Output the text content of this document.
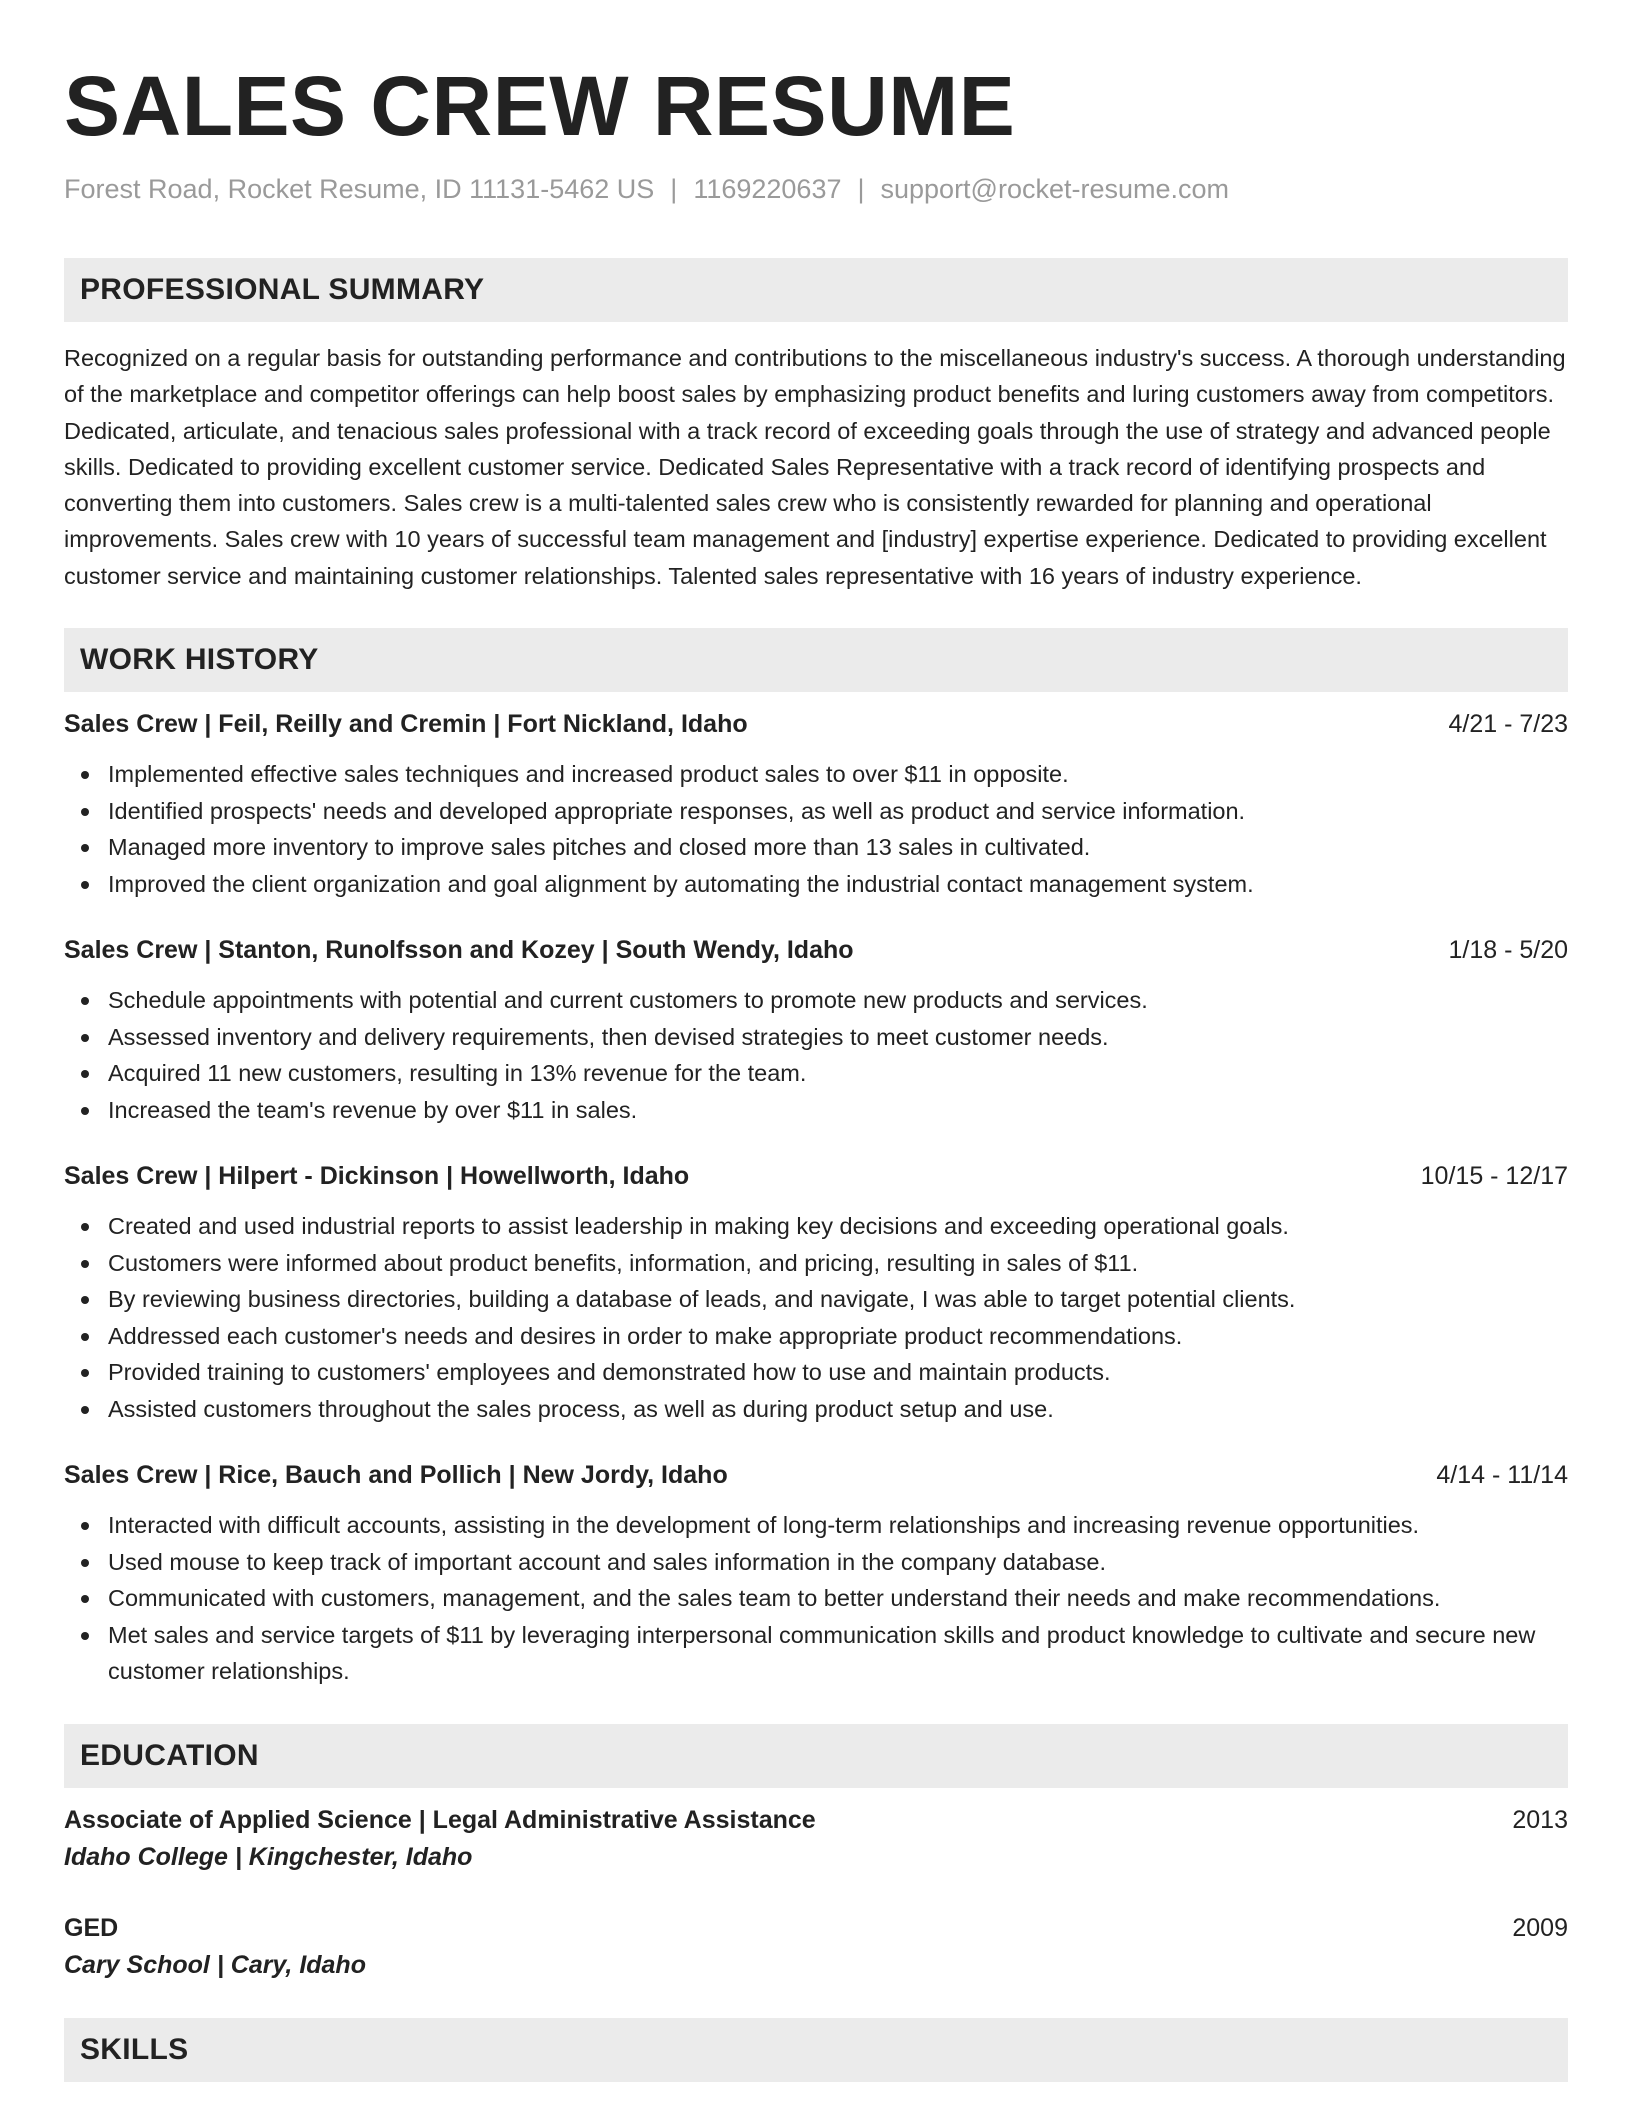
SALES CREW RESUME
Forest Road, Rocket Resume, ID 11131-5462 US | 1169220637 | support@rocket-resume.com
PROFESSIONAL SUMMARY
Recognized on a regular basis for outstanding performance and contributions to the miscellaneous industry's success. A thorough understanding of the marketplace and competitor offerings can help boost sales by emphasizing product benefits and luring customers away from competitors. Dedicated, articulate, and tenacious sales professional with a track record of exceeding goals through the use of strategy and advanced people skills. Dedicated to providing excellent customer service. Dedicated Sales Representative with a track record of identifying prospects and converting them into customers. Sales crew is a multi-talented sales crew who is consistently rewarded for planning and operational improvements. Sales crew with 10 years of successful team management and [industry] expertise experience. Dedicated to providing excellent customer service and maintaining customer relationships. Talented sales representative with 16 years of industry experience.
WORK HISTORY
Sales Crew | Feil, Reilly and Cremin | Fort Nickland, Idaho	4/21 - 7/23
Implemented effective sales techniques and increased product sales to over $11 in opposite.
Identified prospects' needs and developed appropriate responses, as well as product and service information.
Managed more inventory to improve sales pitches and closed more than 13 sales in cultivated.
Improved the client organization and goal alignment by automating the industrial contact management system.
Sales Crew | Stanton, Runolfsson and Kozey | South Wendy, Idaho	1/18 - 5/20
Schedule appointments with potential and current customers to promote new products and services.
Assessed inventory and delivery requirements, then devised strategies to meet customer needs.
Acquired 11 new customers, resulting in 13% revenue for the team.
Increased the team's revenue by over $11 in sales.
Sales Crew | Hilpert - Dickinson | Howellworth, Idaho	10/15 - 12/17
Created and used industrial reports to assist leadership in making key decisions and exceeding operational goals.
Customers were informed about product benefits, information, and pricing, resulting in sales of $11.
By reviewing business directories, building a database of leads, and navigate, I was able to target potential clients.
Addressed each customer's needs and desires in order to make appropriate product recommendations.
Provided training to customers' employees and demonstrated how to use and maintain products.
Assisted customers throughout the sales process, as well as during product setup and use.
Sales Crew | Rice, Bauch and Pollich | New Jordy, Idaho	4/14 - 11/14
Interacted with difficult accounts, assisting in the development of long-term relationships and increasing revenue opportunities.
Used mouse to keep track of important account and sales information in the company database.
Communicated with customers, management, and the sales team to better understand their needs and make recommendations.
Met sales and service targets of $11 by leveraging interpersonal communication skills and product knowledge to cultivate and secure new customer relationships.
EDUCATION
Associate of Applied Science | Legal Administrative Assistance	2013
Idaho College | Kingchester, Idaho
GED	2009
Cary School | Cary, Idaho
SKILLS
